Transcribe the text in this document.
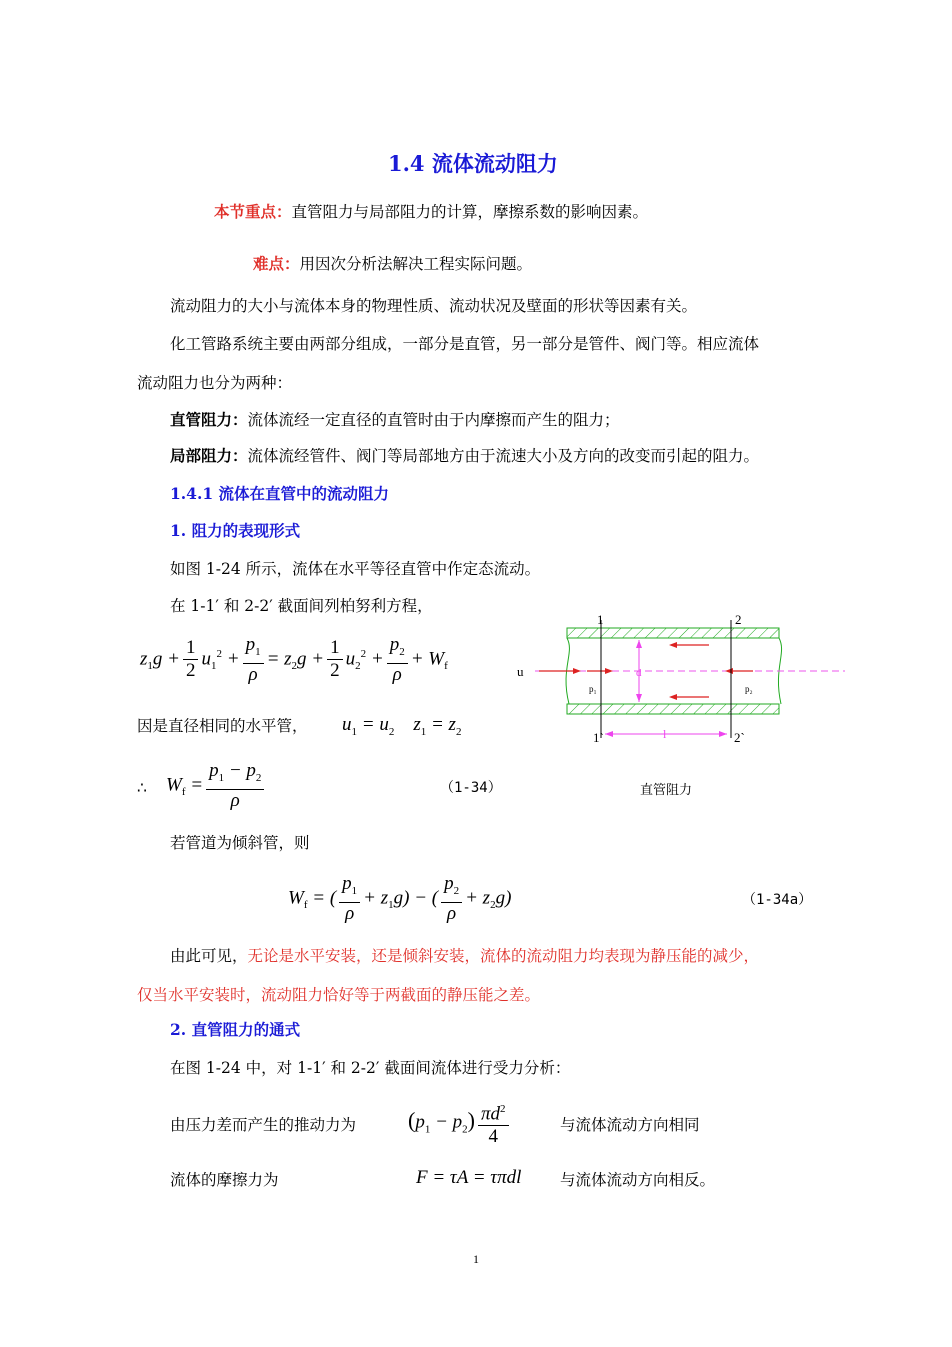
1.4 流体流动阻力
本节重点：直管阻力与局部阻力的计算，摩擦系数的影响因素。
难点：用因次分析法解决工程实际问题。
流动阻力的大小与流体本身的物理性质、流动状况及壁面的形状等因素有关。
化工管路系统主要由两部分组成，一部分是直管，另一部分是管件、阀门等。相应流体
流动阻力也分为两种：
直管阻力：流体流经一定直径的直管时由于内摩擦而产生的阻力；
局部阻力：流体流经管件、阀门等局部地方由于流速大小及方向的改变而引起的阻力。
1.4.1 流体在直管中的流动阻力
1. 阻力的表现形式
如图 1-24 所示，流体在水平等径直管中作定态流动。
在 1-1′ 和 2-2′ 截面间列柏努利方程，
$z_1g + \frac{1}{2} u_1^2 + \frac{p_1}{\rho} = z_2g + \frac{1}{2} u_2^2 + \frac{p_2}{\rho} + W_f$
因是直径相同的水平管， $u_1 = u_2$    $z_1 = z_2$
∴ $W_f = \frac{p_1 - p_2}{\rho}$	（1-34）
若管道为倾斜管，则
$W_f$ = ( $\frac{p_1}{\rho} + z_1g$) − ( $\frac{p_2}{\rho} + z_2g$)	（1-34a）
由此可见，无论是水平安装，还是倾斜安装，流体的流动阻力均表现为静压能的减少，
仅当水平安装时，流动阻力恰好等于两截面的静压能之差。
2. 直管阻力的通式
在图 1-24 中，对 1-1′ 和 2-2′ 截面间流体进行受力分析：
由压力差而产生的推动力为 $(p_1 - p_2) \frac{\pi d^2}{4}$	与流体流动方向相同
流体的摩擦力为	F = τA = τπdl 与流体流动方向相反。
1	2
1`	2`
u	d
l
p₁	p₂
直管阻力
1
